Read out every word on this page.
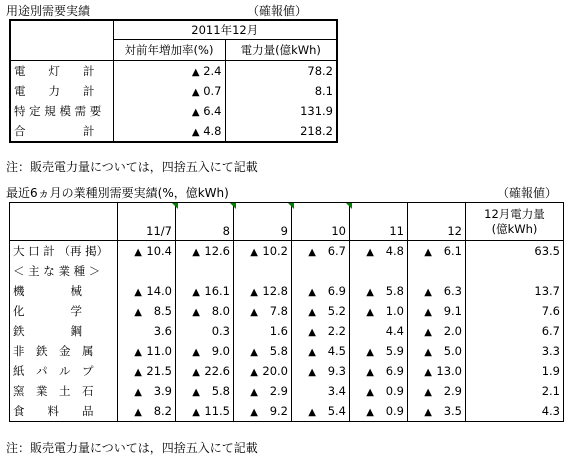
用途別需要実績	（確報値）
	2011年12月	
	対前年増加率(%)	電力量(億kWh)
電　　灯　　計	▲ 2.4	78.2
電　　力　　計	▲ 0.7	8.1
特 定 規 模 需 要	▲ 6.4	131.9
合　　　　　計	▲ 4.8	218.2
注：販売電力量については，四捨五入にて記載
最近6ヵ月の業種別需要実績(%，億kWh)	（確報値）
	11/7	8	9	10	11	12	12月電力量
(億kWh)

大 口 計 （再 掲）	▲ 10.4	▲ 12.6	▲ 10.2	▲ 6.7	▲ 4.8	▲ 6.1	63.5
＜ 主 な 業 種 ＞							
機　　　　械	▲ 14.0	▲ 16.1	▲ 12.8	▲ 6.9	▲ 5.8	▲ 6.3	13.7
化　　　　学	▲ 8.5	▲ 8.0	▲ 7.8	▲ 5.2	▲ 1.0	▲ 9.1	7.6
鉄　　　　鋼	3.6	0.3	1.6	▲ 2.2	4.4	▲ 2.0	6.7
非　鉄　金　属	▲ 11.0	▲ 9.0	▲ 5.8	▲ 4.5	▲ 5.9	▲ 5.0	3.3
紙　パ　ル　プ	▲ 21.5	▲ 22.6	▲ 20.0	▲ 9.3	▲ 6.9	▲ 13.0	1.9
窯　業　土　石	▲ 3.9	▲ 5.8	▲ 2.9	3.4	▲ 0.9	▲ 2.9	2.1
食　　料　　品	▲ 8.2	▲ 11.5	▲ 9.2	▲ 5.4	▲ 0.9	▲ 3.5	4.3
注：販売電力量については，四捨五入にて記載
